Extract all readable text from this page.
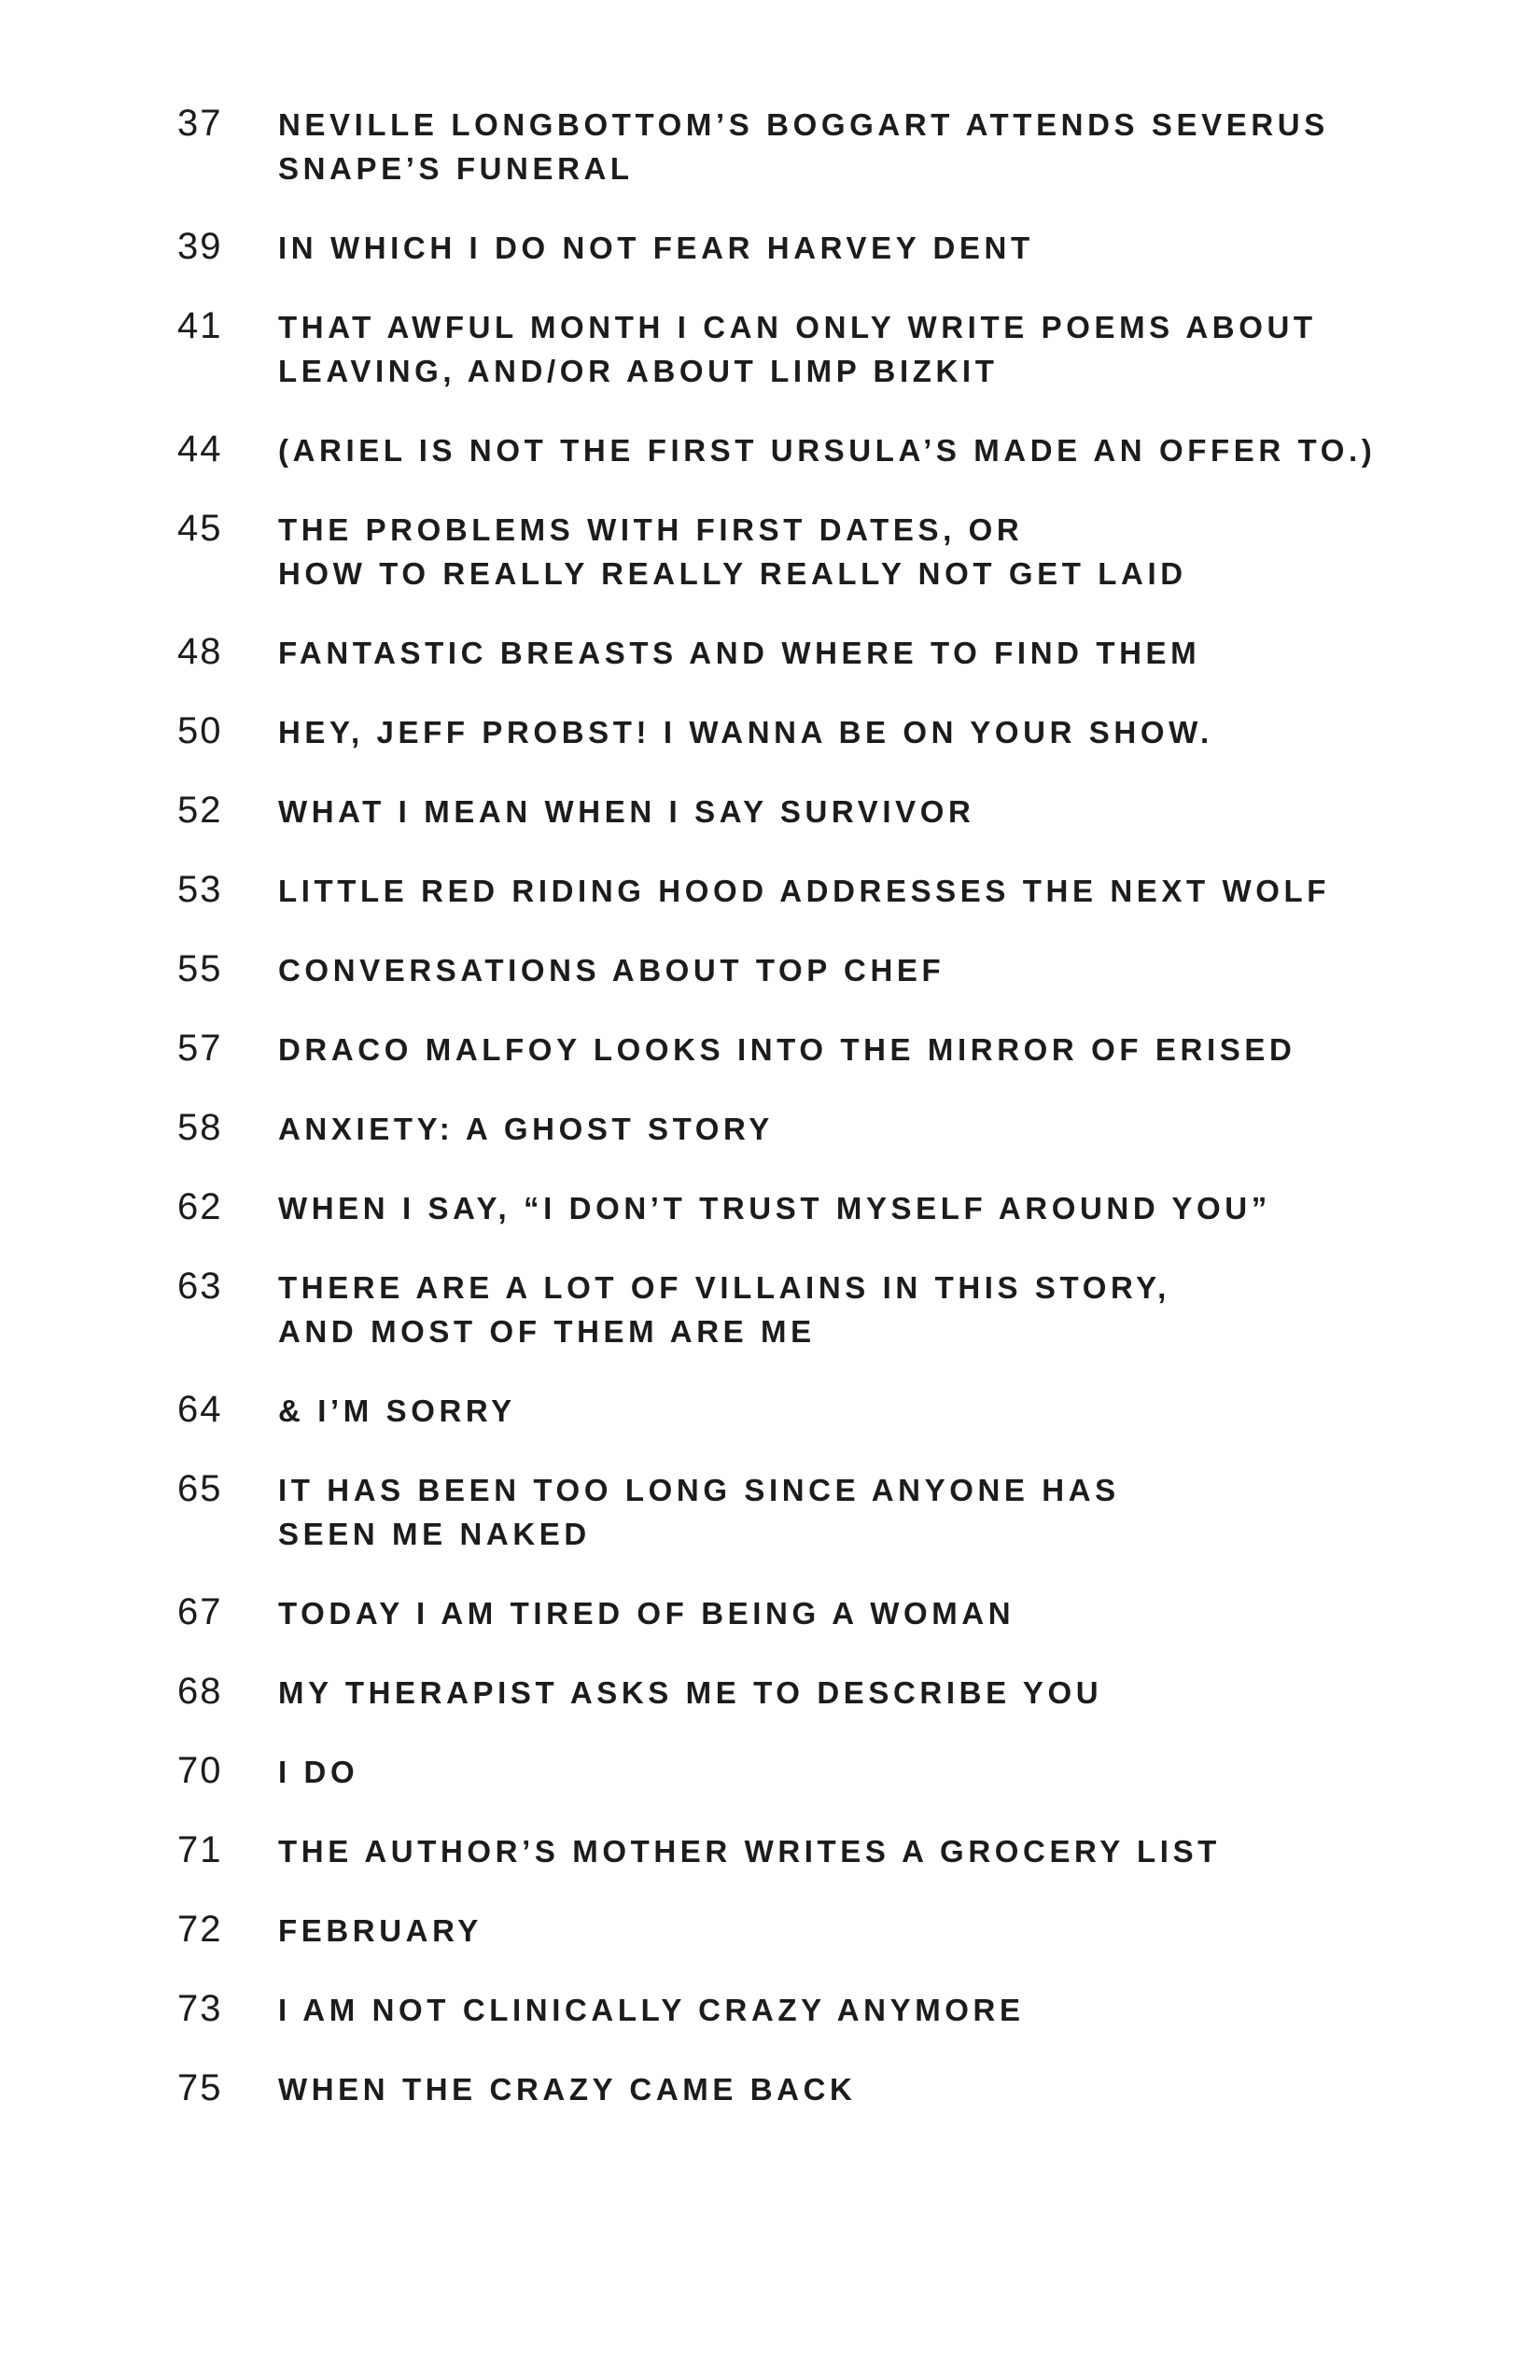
37 NEVILLE LONGBOTTOM’S BOGGART ATTENDS SEVERUS
SNAPE’S FUNERAL
39 IN WHICH I DO NOT FEAR HARVEY DENT
41 THAT AWFUL MONTH I CAN ONLY WRITE POEMS ABOUT
LEAVING, AND/OR ABOUT LIMP BIZKIT
44 (ARIEL IS NOT THE FIRST URSULA’S MADE AN OFFER TO.)
45 THE PROBLEMS WITH FIRST DATES, OR
HOW TO REALLY REALLY REALLY NOT GET LAID
48 FANTASTIC BREASTS AND WHERE TO FIND THEM
50 HEY, JEFF PROBST! I WANNA BE ON YOUR SHOW.
52 WHAT I MEAN WHEN I SAY SURVIVOR
53 LITTLE RED RIDING HOOD ADDRESSES THE NEXT WOLF
55 CONVERSATIONS ABOUT TOP CHEF
57 DRACO MALFOY LOOKS INTO THE MIRROR OF ERISED
58 ANXIETY: A GHOST STORY
62 WHEN I SAY, “I DON’T TRUST MYSELF AROUND YOU”
63 THERE ARE A LOT OF VILLAINS IN THIS STORY,
AND MOST OF THEM ARE ME
64 & I’M SORRY
65 IT HAS BEEN TOO LONG SINCE ANYONE HAS
SEEN ME NAKED
67 TODAY I AM TIRED OF BEING A WOMAN
68 MY THERAPIST ASKS ME TO DESCRIBE YOU
70 I DO
71 THE AUTHOR’S MOTHER WRITES A GROCERY LIST
72 FEBRUARY
73 I AM NOT CLINICALLY CRAZY ANYMORE
75 WHEN THE CRAZY CAME BACK
